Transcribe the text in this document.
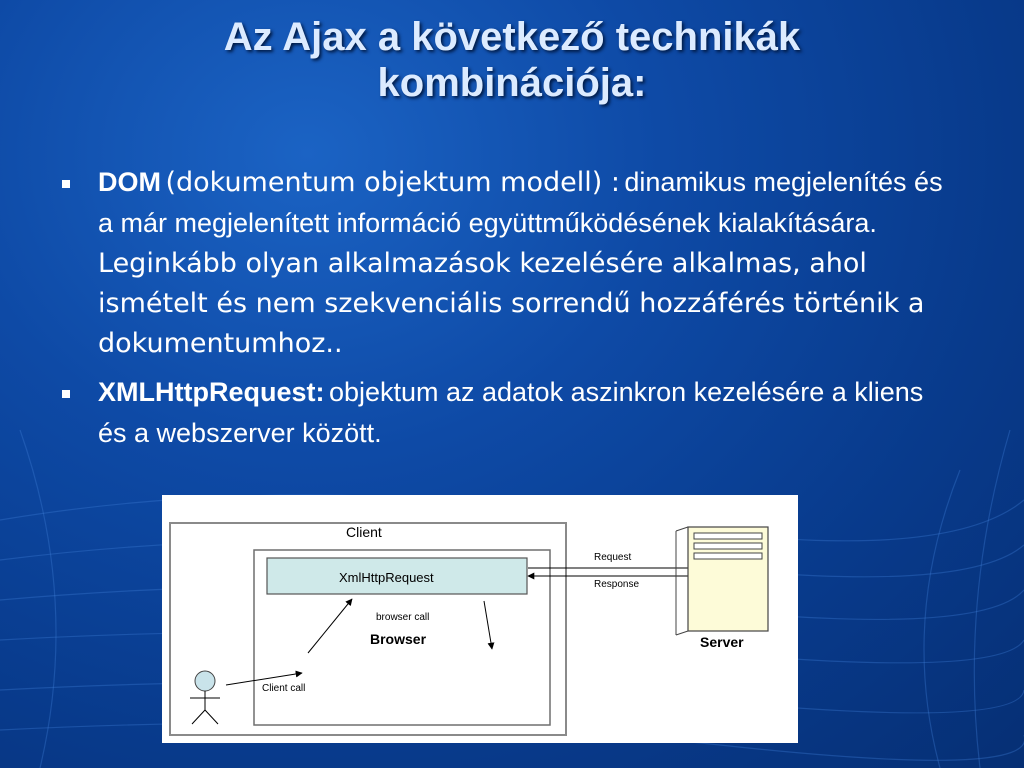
Az Ajax a következő technikák
kombinációja:
DOM (dokumentum objektum modell) : dinamikus megjelenítés és a már megjelenített információ együttműködésének kialakítására. Leginkább olyan alkalmazások kezelésére alkalmas, ahol ismételt és nem szekvenciális sorrendű hozzáférés történik a dokumentumhoz..
XMLHttpRequest: objektum az adatok aszinkron kezelésére a kliens és a webszerver között.
Client
XmlHttpRequest
browser call
Browser
Client call
Request
Response
Server
